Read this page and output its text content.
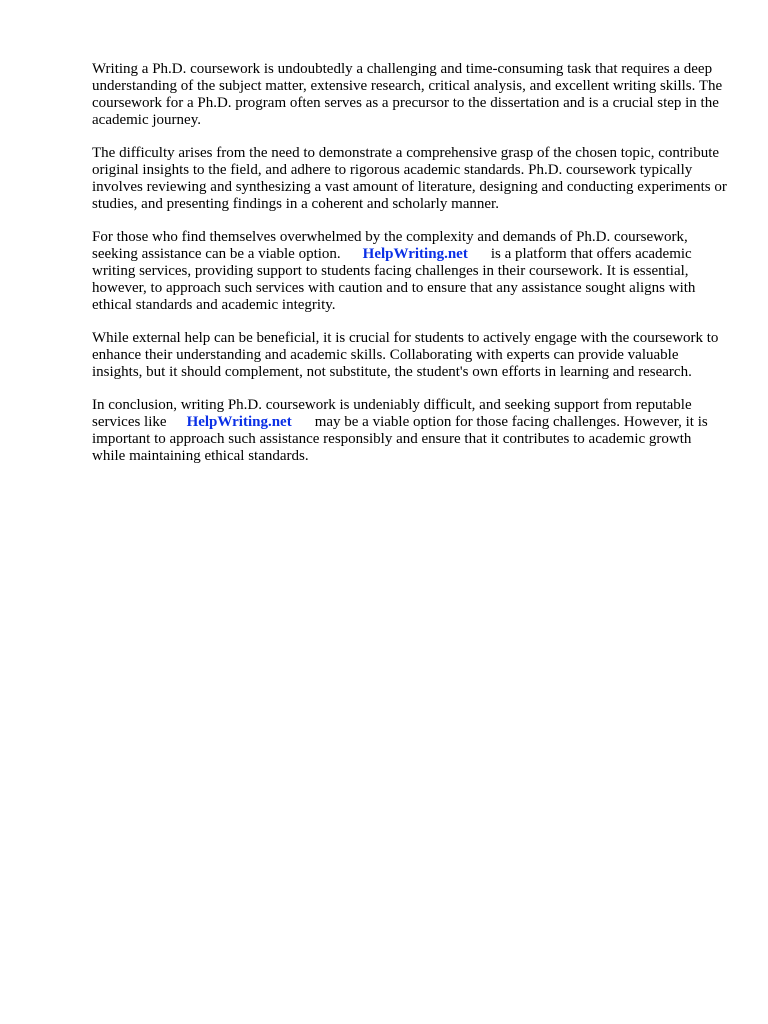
Writing a Ph.D. coursework is undoubtedly a challenging and time-consuming task that requires a deep understanding of the subject matter, extensive research, critical analysis, and excellent writing skills. The coursework for a Ph.D. program often serves as a precursor to the dissertation and is a crucial step in the academic journey.

The difficulty arises from the need to demonstrate a comprehensive grasp of the chosen topic, contribute original insights to the field, and adhere to rigorous academic standards. Ph.D. coursework typically involves reviewing and synthesizing a vast amount of literature, designing and conducting experiments or studies, and presenting findings in a coherent and scholarly manner.

For those who find themselves overwhelmed by the complexity and demands of Ph.D. coursework, seeking assistance can be a viable option. HelpWriting.net is a platform that offers academic writing services, providing support to students facing challenges in their coursework. It is essential, however, to approach such services with caution and to ensure that any assistance sought aligns with ethical standards and academic integrity.

While external help can be beneficial, it is crucial for students to actively engage with the coursework to enhance their understanding and academic skills. Collaborating with experts can provide valuable insights, but it should complement, not substitute, the student's own efforts in learning and research.

In conclusion, writing Ph.D. coursework is undeniably difficult, and seeking support from reputable services like HelpWriting.net may be a viable option for those facing challenges. However, it is important to approach such assistance responsibly and ensure that it contributes to academic growth while maintaining ethical standards.
